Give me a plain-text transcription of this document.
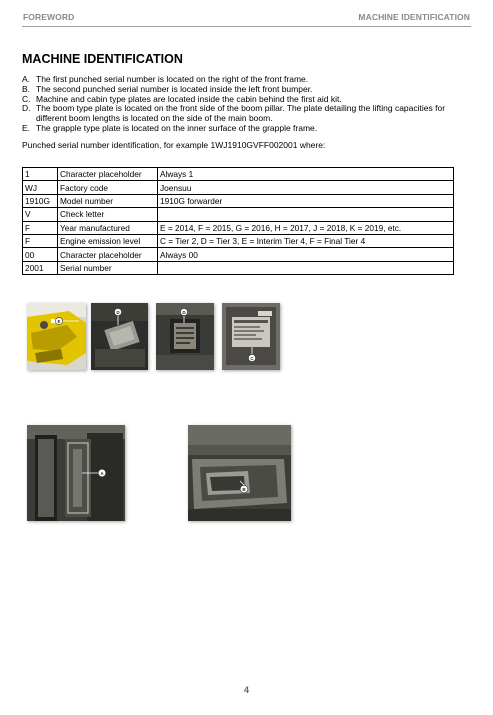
FOREWORD	MACHINE IDENTIFICATION
MACHINE IDENTIFICATION
A. The first punched serial number is located on the right of the front frame.
B. The second punched serial number is located inside the left front bumper.
C. Machine and cabin type plates are located inside the cabin behind the first aid kit.
D. The boom type plate is located on the front side of the boom pillar. The plate detailing the lifting capacities for different boom lengths is located on the side of the main boom.
E. The grapple type plate is located on the inner surface of the grapple frame.
Punched serial number identification, for example 1WJ1910GVFF002001 where:
1	Character placeholder	Always 1
WJ	Factory code	Joensuu
1910G	Model number	1910G forwarder
V	Check letter	
F	Year manufactured	E = 2014, F = 2015, G = 2016, H = 2017, J = 2018, K = 2019, etc.
F	Engine emission level	C = Tier 2, D = Tier 3, E = Interim Tier 4, F = Final Tier 4
00	Character placeholder	Always 00
2001	Serial number	
E
D	D
C
A
B
4
